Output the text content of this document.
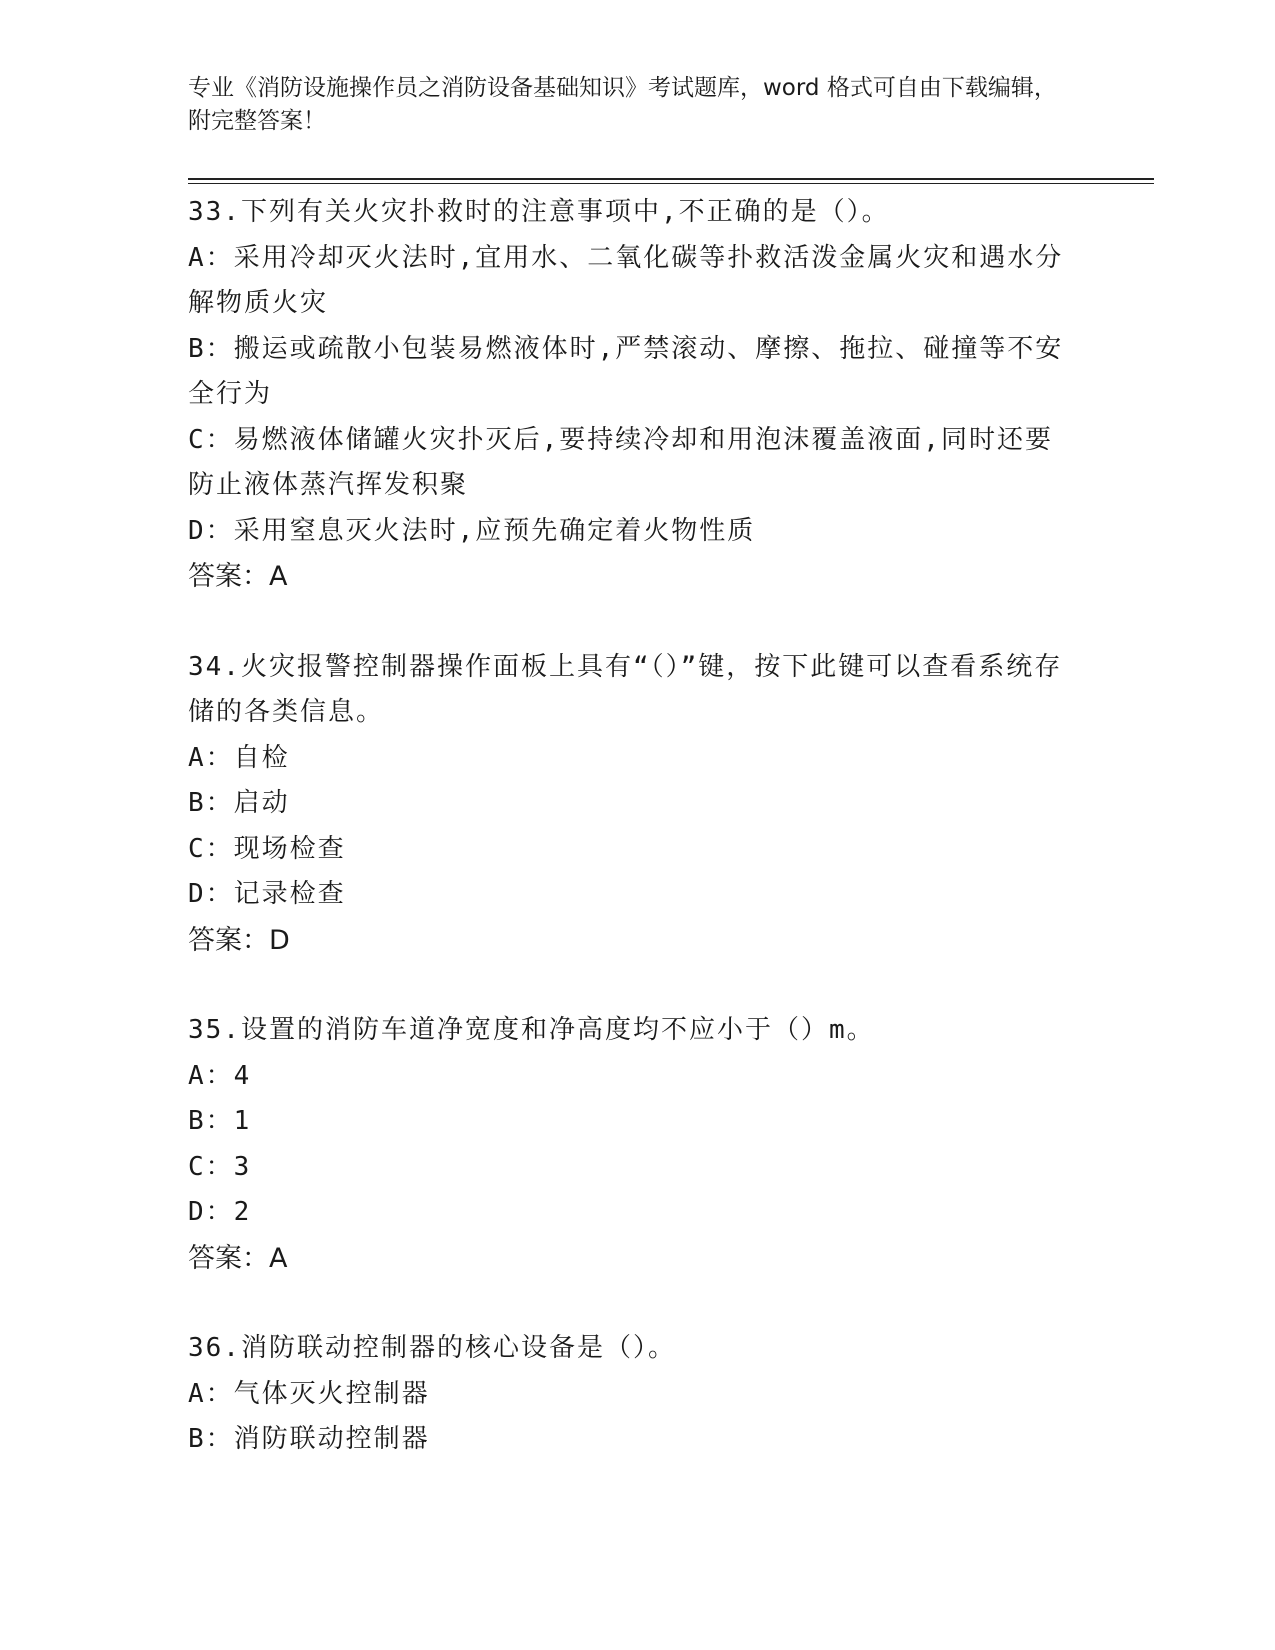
专业《消防设施操作员之消防设备基础知识》考试题库，word 格式可自由下载编辑，附完整答案！
33.下列有关火灾扑救时的注意事项中,不正确的是（）。
A：采用冷却灭火法时,宜用水、二氧化碳等扑救活泼金属火灾和遇水分解物质火灾
B：搬运或疏散小包装易燃液体时,严禁滚动、摩擦、拖拉、碰撞等不安全行为
C：易燃液体储罐火灾扑灭后,要持续冷却和用泡沫覆盖液面,同时还要防止液体蒸汽挥发积聚
D：采用窒息灭火法时,应预先确定着火物性质
答案：A
34.火灾报警控制器操作面板上具有“（）”键，按下此键可以查看系统存储的各类信息。
A：自检
B：启动
C：现场检查
D：记录检查
答案：D
35.设置的消防车道净宽度和净高度均不应小于（）m。
A：4
B：1
C：3
D：2
答案：A
36.消防联动控制器的核心设备是（）。
A：气体灭火控制器
B：消防联动控制器
